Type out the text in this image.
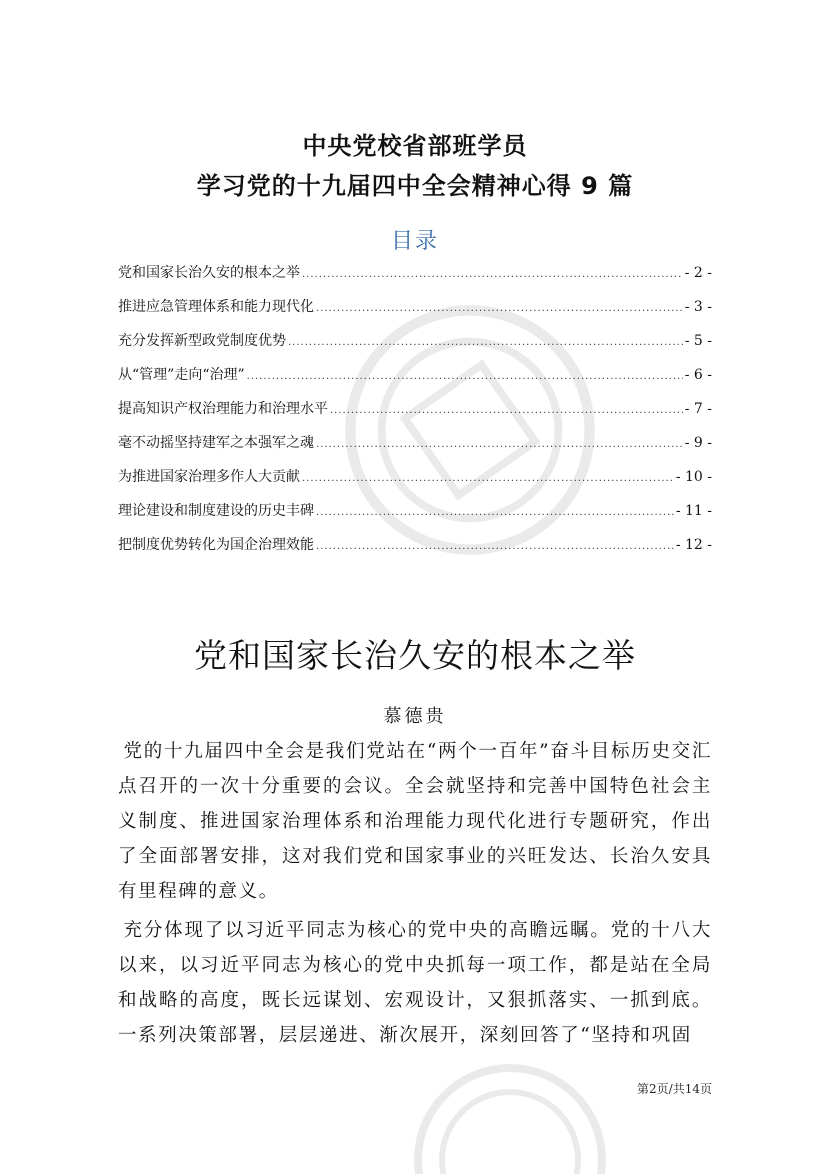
中央党校省部班学员
学习党的十九届四中全会精神心得 9 篇
目录
党和国家长治久安的根本之举 .....	- 2 -
推进应急管理体系和能力现代化 .....	- 3 -
充分发挥新型政党制度优势 .....	- 5 -
从“管理”走向“治理” .....	- 6 -
提高知识产权治理能力和治理水平 .....	- 7 -
毫不动摇坚持建军之本强军之魂 .....	- 9 -
为推进国家治理多作人大贡献 .....	- 10 -
理论建设和制度建设的历史丰碑 .....	- 11 -
把制度优势转化为国企治理效能 .....	- 12 -
党和国家长治久安的根本之举
慕德贵

党的十九届四中全会是我们党站在“两个一百年”奋斗目标历史交汇点召开的一次十分重要的会议。全会就坚持和完善中国特色社会主义制度、推进国家治理体系和治理能力现代化进行专题研究，作出了全面部署安排，这对我们党和国家事业的兴旺发达、长治久安具有里程碑的意义。

充分体现了以习近平同志为核心的党中央的高瞻远瞩。党的十八大以来，以习近平同志为核心的党中央抓每一项工作，都是站在全局和战略的高度，既长远谋划、宏观设计，又狠抓落实、一抓到底。一系列决策部署，层层递进、渐次展开，深刻回答了“坚持和巩固

第2页/共14页
